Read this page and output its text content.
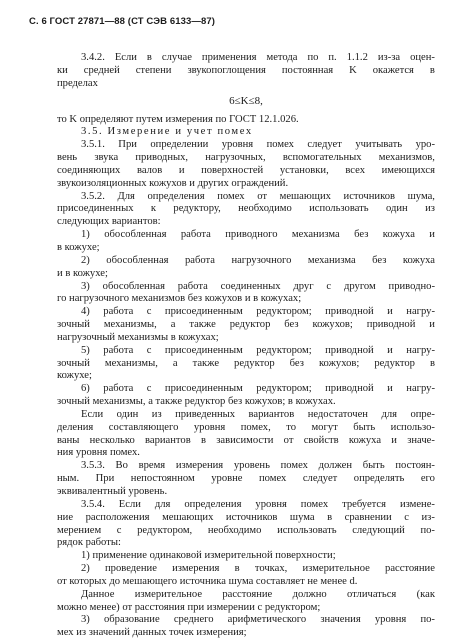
С. 6 ГОСТ 27871—88 (СТ СЭВ 6133—87)
3.4.2. Если в случае применения метода по п. 1.1.2 из-за оцен-
ки средней степени звукопоглощения постоянная K окажется в
пределах
6≤K≤8,
то K определяют путем измерения по ГОСТ 12.1.026.
3.5. Измерение и учет помех
3.5.1. При определении уровня помех следует учитывать уро-
вень звука приводных, нагрузочных, вспомогательных механизмов,
соединяющих валов и поверхностей установки, всех имеющихся
звукоизоляционных кожухов и других ограждений.
3.5.2. Для определения помех от мешающих источников шума,
присоединенных к редуктору, необходимо использовать один из
следующих вариантов:
1) обособленная работа приводного механизма без кожуха и
в кожухе;
2) обособленная работа нагрузочного механизма без кожуха
и в кожухе;
3) обособленная работа соединенных друг с другом приводно-
го нагрузочного механизмов без кожухов и в кожухах;
4) работа с присоединенным редуктором; приводной и нагру-
зочный механизмы, а также редуктор без кожухов; приводной и
нагрузочный механизмы в кожухах;
5) работа с присоединенным редуктором; приводной и нагру-
зочный механизмы, а также редуктор без кожухов; редуктор в
кожухе;
6) работа с присоединенным редуктором; приводной и нагру-
зочный механизмы, а также редуктор без кожухов; в кожухах.
Если один из приведенных вариантов недостаточен для опре-
деления составляющего уровня помех, то могут быть использо-
ваны несколько вариантов в зависимости от свойств кожуха и значе-
ния уровня помех.
3.5.3. Во время измерения уровень помех должен быть постоян-
ным. При непостоянном уровне помех следует определять его
эквивалентный уровень.
3.5.4. Если для определения уровня помех требуется измене-
ние расположения мешающих источников шума в сравнении с из-
мерением с редуктором, необходимо использовать следующий по-
рядок работы:
1) применение одинаковой измерительной поверхности;
2) проведение измерения в точках, измерительное расстояние
от которых до мешающего источника шума составляет не менее d.
Данное измерительное расстояние должно отличаться (как
можно менее) от расстояния при измерении с редуктором;
3) образование среднего арифметического значения уровня по-
мех из значений данных точек измерения;
